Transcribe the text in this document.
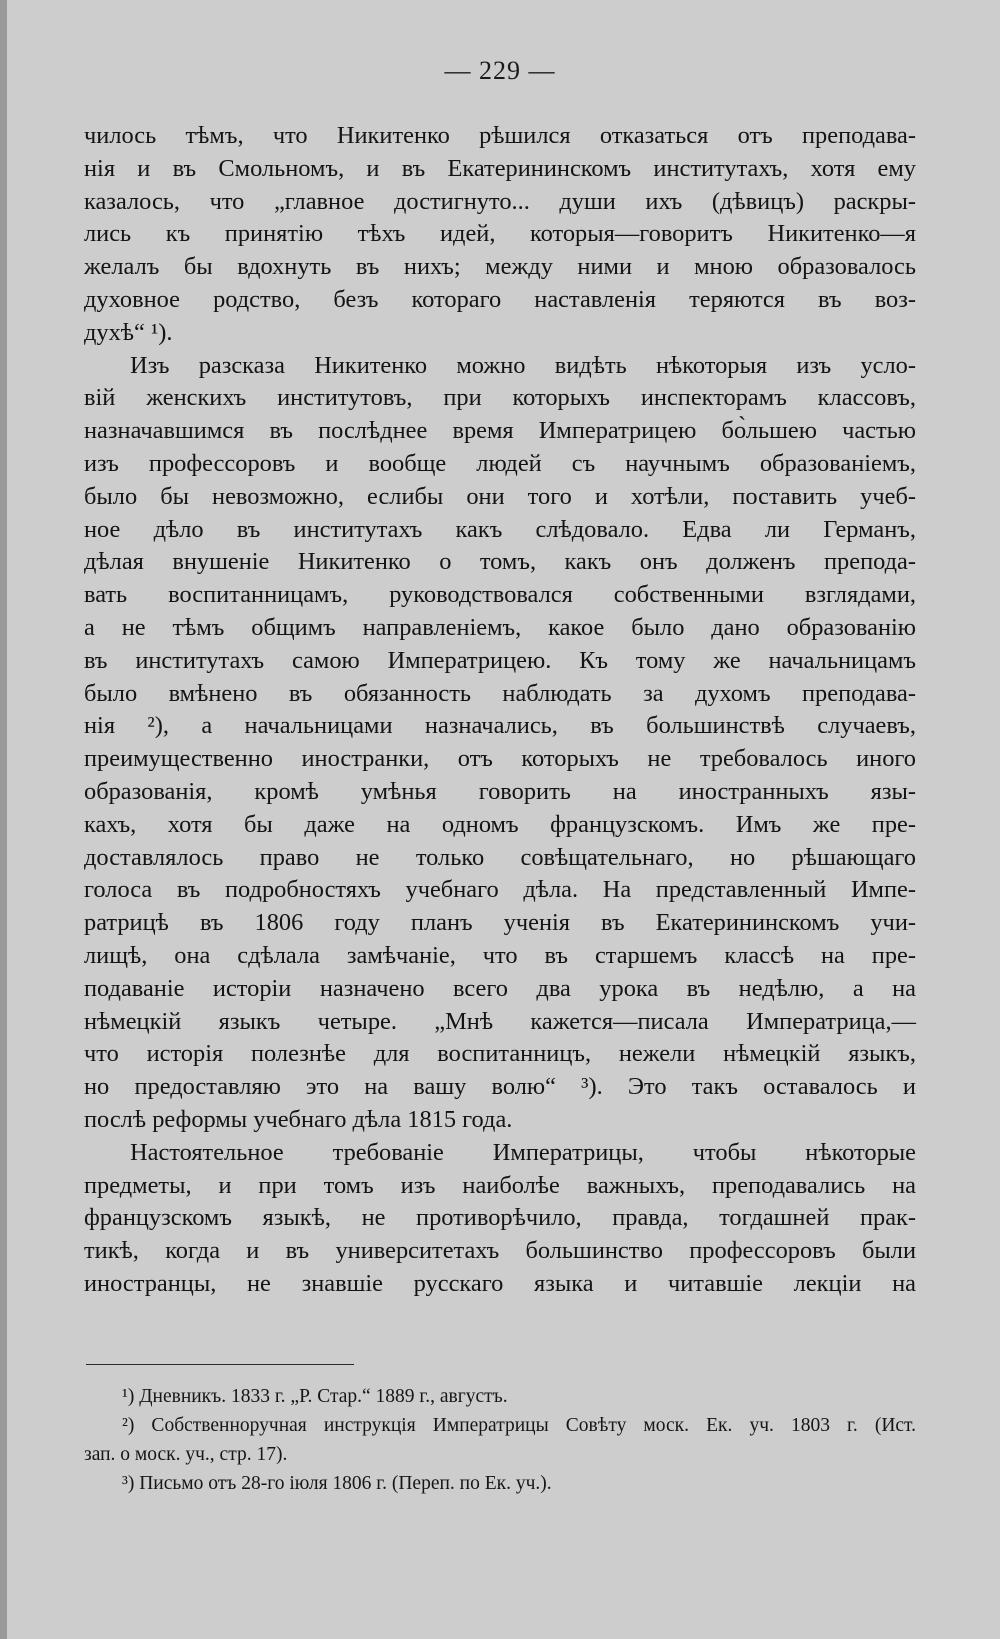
— 229 —
чилось тѣмъ, что Никитенко рѣшился отказаться отъ преподава-
нія и въ Смольномъ, и въ Екатерининскомъ институтахъ, хотя ему
казалось, что „главное достигнуто... души ихъ (дѣвицъ) раскры-
лись къ принятію тѣхъ идей, которыя—говоритъ Никитенко—я
желалъ бы вдохнуть въ нихъ; между ними и мною образовалось
духовное родство, безъ котораго наставленія теряются въ воз-
духѣ“ ¹).
Изъ разсказа Никитенко можно видѣть нѣкоторыя изъ усло-
вій женскихъ институтовъ, при которыхъ инспекторамъ классовъ,
назначавшимся въ послѣднее время Императрицею бо̀льшею частью
изъ профессоровъ и вообще людей съ научнымъ образованіемъ,
было бы невозможно, еслибы они того и хотѣли, поставить учеб-
ное дѣло въ институтахъ какъ слѣдовало. Едва ли Германъ,
дѣлая внушеніе Никитенко о томъ, какъ онъ долженъ препода-
вать воспитанницамъ, руководствовался собственными взглядами,
а не тѣмъ общимъ направленіемъ, какое было дано образованію
въ институтахъ самою Императрицею. Къ тому же начальницамъ
было вмѣнено въ обязанность наблюдать за духомъ преподава-
нія ²), а начальницами назначались, въ большинствѣ случаевъ,
преимущественно иностранки, отъ которыхъ не требовалось иного
образованія, кромѣ умѣнья говорить на иностранныхъ язы-
кахъ, хотя бы даже на одномъ французскомъ. Имъ же пре-
доставлялось право не только совѣщательнаго, но рѣшающаго
голоса въ подробностяхъ учебнаго дѣла. На представленный Импе-
ратрицѣ въ 1806 году планъ ученія въ Екатерининскомъ учи-
лищѣ, она сдѣлала замѣчаніе, что въ старшемъ классѣ на пре-
подаваніе исторіи назначено всего два урока въ недѣлю, а на
нѣмецкій языкъ четыре. „Мнѣ кажется—писала Императрица,—
что исторія полезнѣе для воспитанницъ, нежели нѣмецкій языкъ,
но предоставляю это на вашу волю“ ³). Это такъ оставалось и
послѣ реформы учебнаго дѣла 1815 года.
Настоятельное требованіе Императрицы, чтобы нѣкоторые
предметы, и при томъ изъ наиболѣе важныхъ, преподавались на
французскомъ языкѣ, не противорѣчило, правда, тогдашней прак-
тикѣ, когда и въ университетахъ большинство профессоровъ были
иностранцы, не знавшіе русскаго языка и читавшіе лекціи на
¹) Дневникъ. 1833 г. „Р. Стар.“ 1889 г., августъ.
²) Собственноручная инструкція Императрицы Совѣту моск. Ек. уч. 1803 г. (Ист.
зап. о моск. уч., стр. 17).
³) Письмо отъ 28-го іюля 1806 г. (Переп. по Ек. уч.).
